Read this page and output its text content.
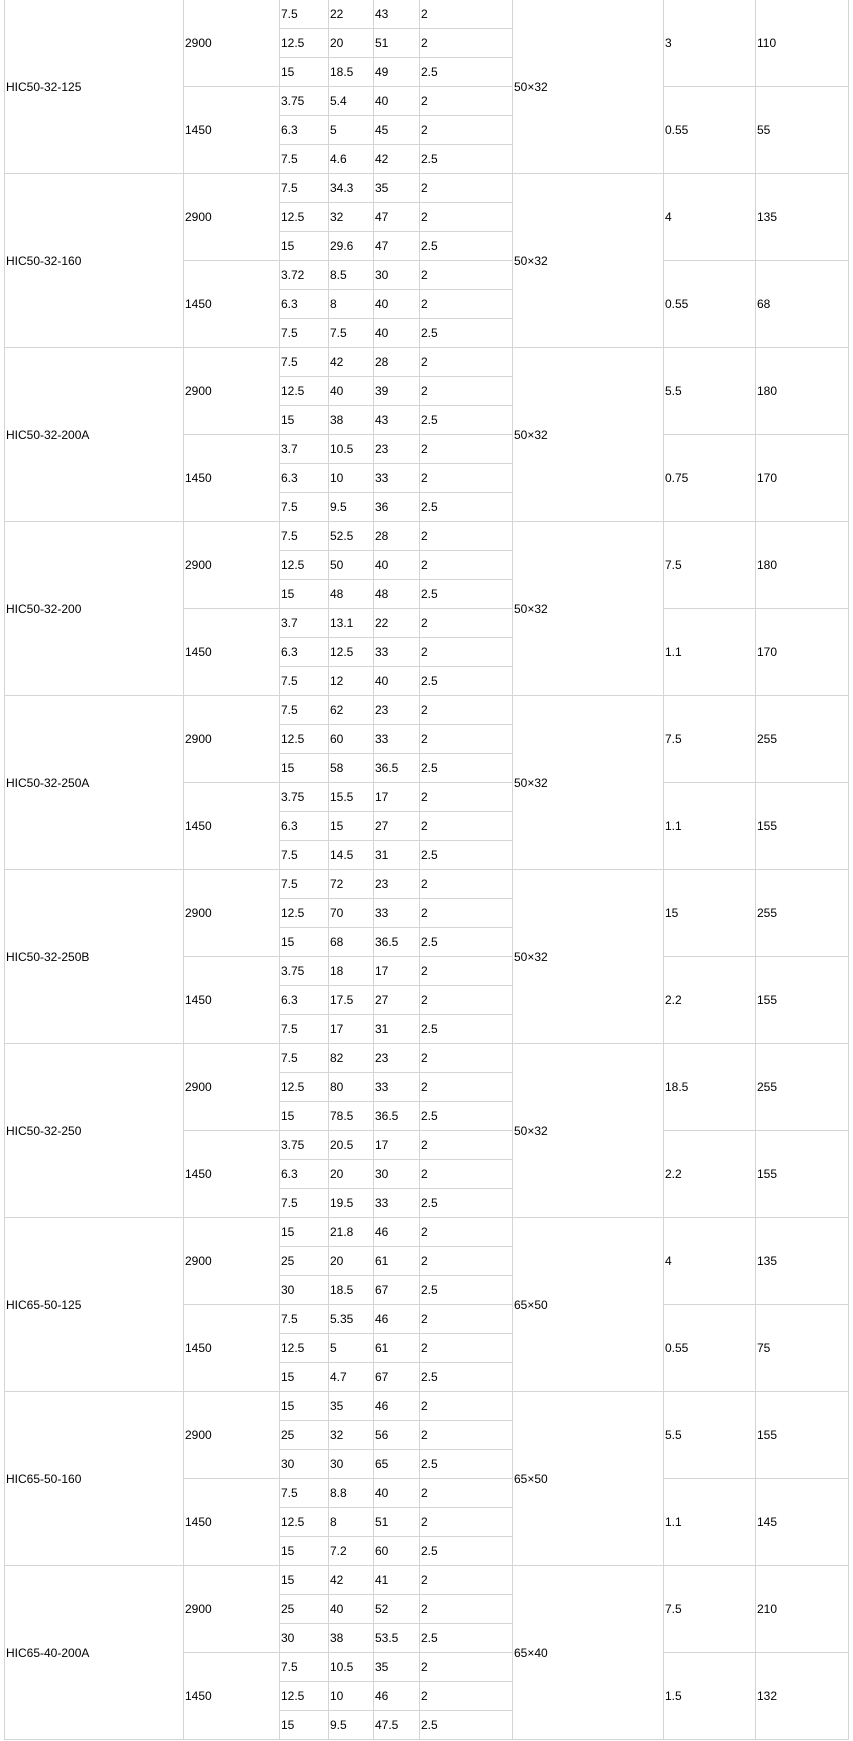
HIC50-32-125	2900	7.5	22	43	2	50×32	3	110
		12.5	20	51	2			
		15	18.5	49	2.5			
	1450	3.75	5.4	40	2		0.55	55
		6.3	5	45	2			
		7.5	4.6	42	2.5			
HIC50-32-160	2900	7.5	34.3	35	2	50×32	4	135
		12.5	32	47	2			
		15	29.6	47	2.5			
	1450	3.72	8.5	30	2		0.55	68
		6.3	8	40	2			
		7.5	7.5	40	2.5			
HIC50-32-200A	2900	7.5	42	28	2	50×32	5.5	180
		12.5	40	39	2			
		15	38	43	2.5			
	1450	3.7	10.5	23	2		0.75	170
		6.3	10	33	2			
		7.5	9.5	36	2.5			
HIC50-32-200	2900	7.5	52.5	28	2	50×32	7.5	180
		12.5	50	40	2			
		15	48	48	2.5			
	1450	3.7	13.1	22	2		1.1	170
		6.3	12.5	33	2			
		7.5	12	40	2.5			
HIC50-32-250A	2900	7.5	62	23	2	50×32	7.5	255
		12.5	60	33	2			
		15	58	36.5	2.5			
	1450	3.75	15.5	17	2		1.1	155
		6.3	15	27	2			
		7.5	14.5	31	2.5			
HIC50-32-250B	2900	7.5	72	23	2	50×32	15	255
		12.5	70	33	2			
		15	68	36.5	2.5			
	1450	3.75	18	17	2		2.2	155
		6.3	17.5	27	2			
		7.5	17	31	2.5			
HIC50-32-250	2900	7.5	82	23	2	50×32	18.5	255
		12.5	80	33	2			
		15	78.5	36.5	2.5			
	1450	3.75	20.5	17	2		2.2	155
		6.3	20	30	2			
		7.5	19.5	33	2.5			
HIC65-50-125	2900	15	21.8	46	2	65×50	4	135
		25	20	61	2			
		30	18.5	67	2.5			
	1450	7.5	5.35	46	2		0.55	75
		12.5	5	61	2			
		15	4.7	67	2.5			
HIC65-50-160	2900	15	35	46	2	65×50	5.5	155
		25	32	56	2			
		30	30	65	2.5			
	1450	7.5	8.8	40	2		1.1	145
		12.5	8	51	2			
		15	7.2	60	2.5			
HIC65-40-200A	2900	15	42	41	2	65×40	7.5	210
		25	40	52	2			
		30	38	53.5	2.5			
	1450	7.5	10.5	35	2		1.5	132
		12.5	10	46	2			
		15	9.5	47.5	2.5			
